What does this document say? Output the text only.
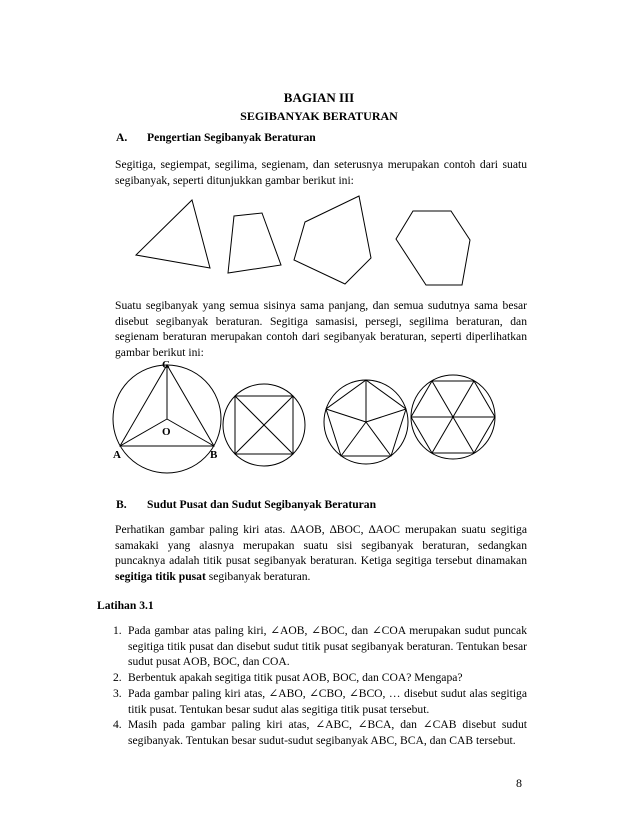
BAGIAN III
SEGIBANYAK BERATURAN
A. Pengertian Segibanyak Beraturan
Segitiga, segiempat, segilima, segienam, dan seterusnya merupakan contoh dari suatu segibanyak, seperti ditunjukkan gambar berikut ini:
Suatu segibanyak yang semua sisinya sama panjang, dan semua sudutnya sama besar disebut segibanyak beraturan. Segitiga samasisi, persegi, segilima beraturan, dan segienam beraturan merupakan contoh dari segibanyak beraturan, seperti diperlihatkan gambar berikut ini:
C
O
A	B
B. Sudut Pusat dan Sudut Segibanyak Beraturan
Perhatikan gambar paling kiri atas. ∆AOB, ∆BOC, ∆AOC merupakan suatu segitiga samakaki yang alasnya merupakan suatu sisi segibanyak beraturan, sedangkan puncaknya adalah titik pusat segibanyak beraturan. Ketiga segitiga tersebut dinamakan segitiga titik pusat segibanyak beraturan.
Latihan 3.1
1. Pada gambar atas paling kiri, ∠AOB, ∠BOC, dan ∠COA merupakan sudut puncak segitiga titik pusat dan disebut sudut titik pusat segibanyak beraturan. Tentukan besar sudut pusat AOB, BOC, dan COA.
2. Berbentuk apakah segitiga titik pusat AOB, BOC, dan COA? Mengapa?
3. Pada gambar paling kiri atas, ∠ABO, ∠CBO, ∠BCO, … disebut sudut alas segitiga titik pusat. Tentukan besar sudut alas segitiga titik pusat tersebut.
4. Masih pada gambar paling kiri atas, ∠ABC, ∠BCA, dan ∠CAB disebut sudut segibanyak. Tentukan besar sudut-sudut segibanyak ABC, BCA, dan CAB tersebut.
8
